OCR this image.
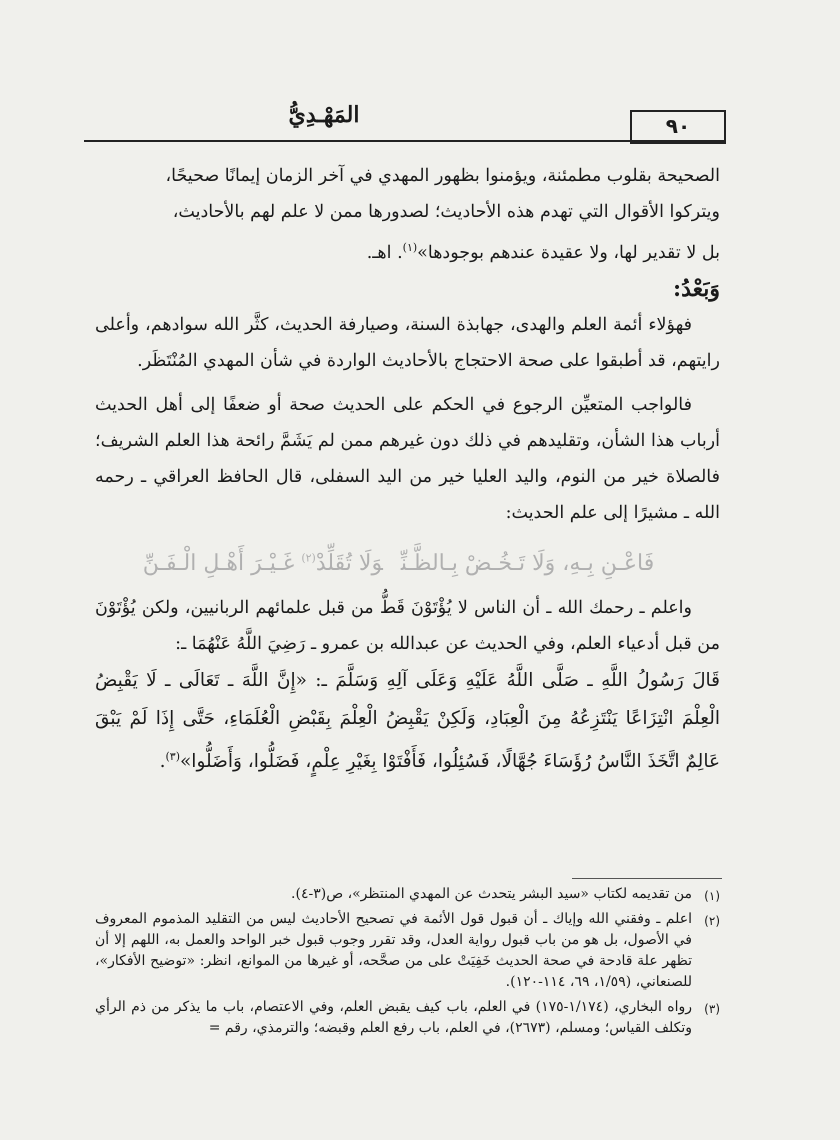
٩٠
المَهْـدِيُّ

الصحيحة بقلوب مطمئنة، ويؤمنوا بظهور المهدي في آخر الزمان إيمانًا صحيحًا،

ويتركوا الأقوال التي تهدم هذه الأحاديث؛ لصدورها ممن لا علم لهم بالأحاديث،

بل لا تقدير لها، ولا عقيدة عندهم بوجودها»$^{(١)}$. اهـ.

وَبَعْدُ:

فهؤلاء أئمة العلم والهدى، جهابذة السنة، وصيارفة الحديث، كثَّر الله سوادهم، وأعلى رايتهم، قد أطبقوا على صحة الاحتجاج بالأحاديث الواردة في شأن المهدي المُنْتَظَر.

فالواجب المتعيِّن الرجوع في الحكم على الحديث صحة أو ضعفًا إلى أهل الحديث أرباب هذا الشأن، وتقليدهم في ذلك دون غيرهم ممن لم يَشَمَّ رائحة هذا العلم الشريف؛ فالصلاة خير من النوم، واليد العليا خير من اليد السفلى، قال الحافظ العراقي ـ رحمه الله ـ مشيرًا إلى علم الحديث:

فَاعْـنِ بِـهِ، وَلَا تَـخُـضْ بِـالظَّـنِّوَلَا تُقَلِّدْ$^{(٢)}$ غَـيْـرَ أَهْـلِ الْـفَـنِّ

واعلم ـ رحمك الله ـ أن الناس لا يُؤْتَوْنَ قَطُّ من قبل علمائهم الربانيين، ولكن يُؤْتَوْنَ من قبل أدعياء العلم، وفي الحديث عن عبدالله بن عمرو ـ رَضِيَ اللَّهُ عَنْهُمَا ـ:

قَالَ رَسُولُ اللَّهِ ـ صَلَّى اللَّهُ عَلَيْهِ وَعَلَى آلِهِ وَسَلَّمَ ـ: «إِنَّ اللَّهَ ـ تَعَالَى ـ لَا يَقْبِضُ الْعِلْمَ انْتِزَاعًا يَنْتَزِعُهُ مِنَ الْعِبَادِ، وَلَكِنْ يَقْبِضُ الْعِلْمَ بِقَبْضِ الْعُلَمَاءِ، حَتَّى إِذَا لَمْ يَبْقَ عَالِمٌ اتَّخَذَ النَّاسُ رُؤَسَاءَ جُهَّالًا، فَسُئِلُوا، فَأَفْتَوْا بِغَيْرِ عِلْمٍ، فَضَلُّوا، وَأَضَلُّوا»$^{(٣)}$.

(١)
من تقديمه لكتاب «سيد البشر يتحدث عن المهدي المنتظر»، ص(٣-٤).

(٢)
اعلم ـ وفقني الله وإياك ـ أن قبول قول الأئمة في تصحيح الأحاديث ليس من التقليد المذموم المعروف في الأصول، بل هو من باب قبول رواية العدل، وقد تقرر وجوب قبول خبر الواحد والعمل به، اللهم إلا أن تظهر علة قادحة في صحة الحديث خَفِيَتْ على من صحَّحه، أو غيرها من الموانع، انظر: «توضيح الأفكار»، للصنعاني، (١/٥٩، ٦٩، ١١٤-١٢٠).

(٣)
رواه البخاري، (١/١٧٤-١٧٥) في العلم، باب كيف يقبض العلم، وفي الاعتصام، باب ما يذكر من ذم الرأي وتكلف القياس؛ ومسلم، (٢٦٧٣)، في العلم، باب رفع العلم وقبضه؛ والترمذي، رقم =
